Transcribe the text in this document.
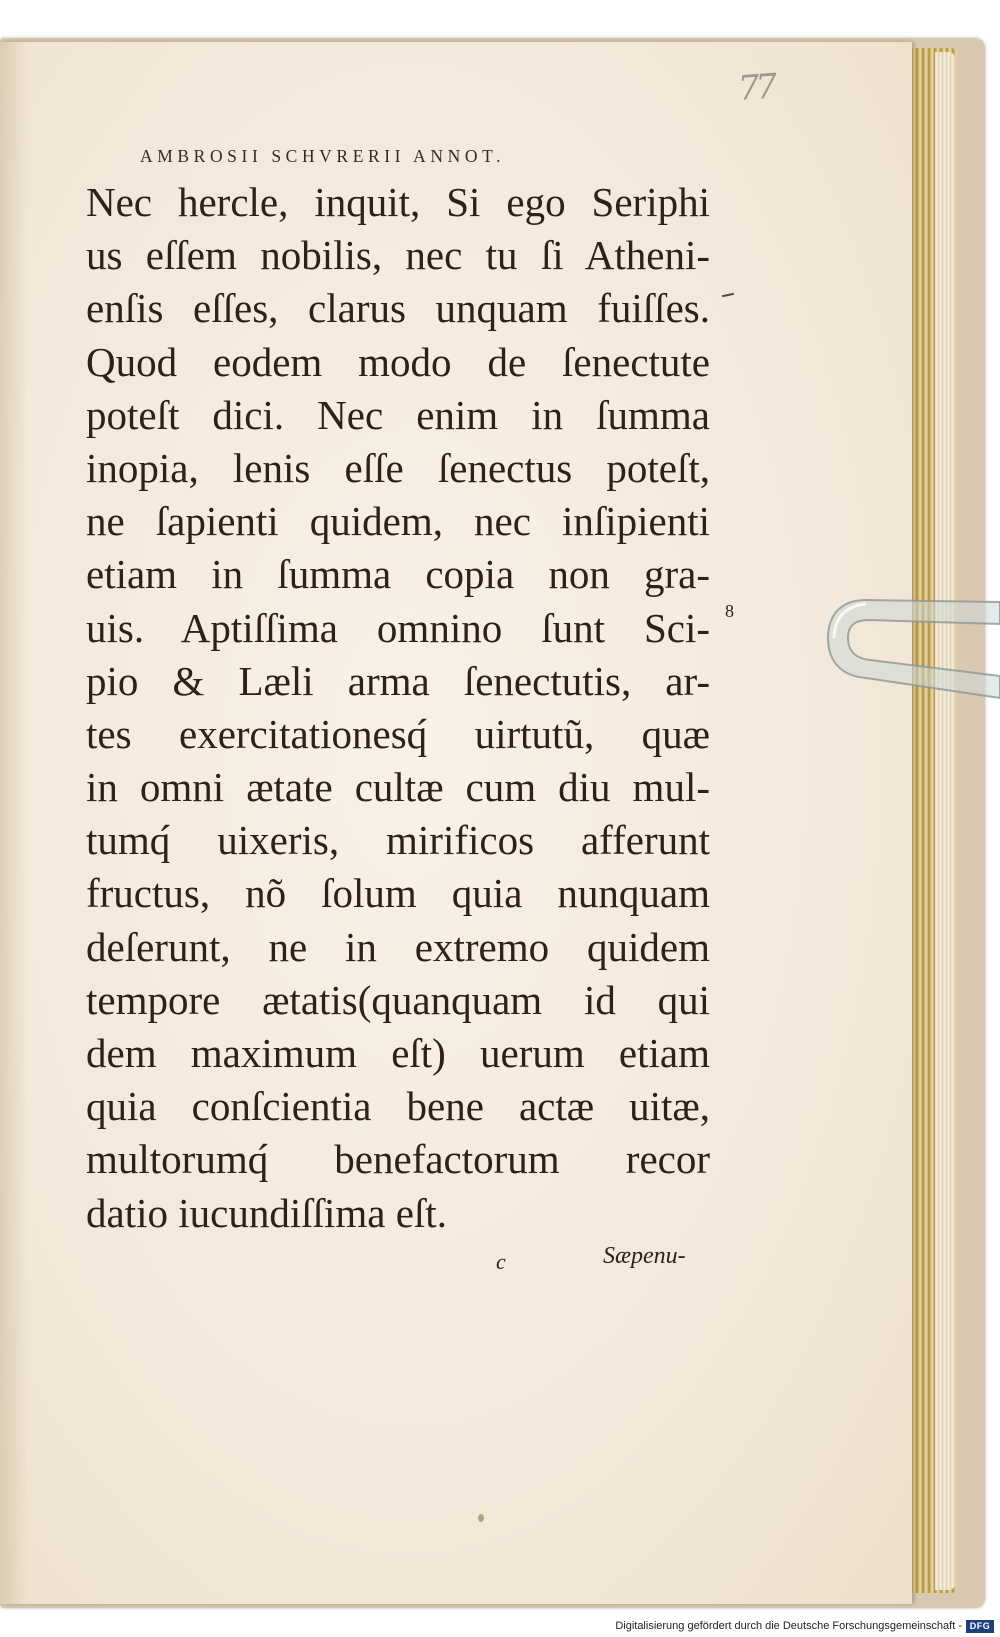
77
AMBROSII SCHVRERII ANNOT.
Nec hercle, inquit, Si ego Seriphi
us eſſem nobilis, nec tu ſi Atheni-
enſis eſſes, clarus unquam fuiſſes.
Quod eodem modo de ſenectute
poteſt dici. Nec enim in ſumma
inopia, lenis eſſe ſenectus poteſt,
ne ſapienti quidem, nec inſipienti
etiam in ſumma copia non gra-
uis. Aptiſſima omnino ſunt Sci-
pio & Læli arma ſenectutis, ar-
tes exercitationesq́ uirtutũ, quæ
in omni ætate cultæ cum diu mul-
tumq́ uixeris, mirificos afferunt
fructus, nõ ſolum quia nunquam
deſerunt, ne in extremo quidem
tempore ætatis(quanquam id qui
dem maximum eſt) uerum etiam
quia conſcientia bene actæ uitæ,
multorumq́ benefactorum recor
datio iucundiſſima eſt.
8
c	Sæpenu-
Digitalisierung gefördert durch die Deutsche Forschungsgemeinschaft - DFG
